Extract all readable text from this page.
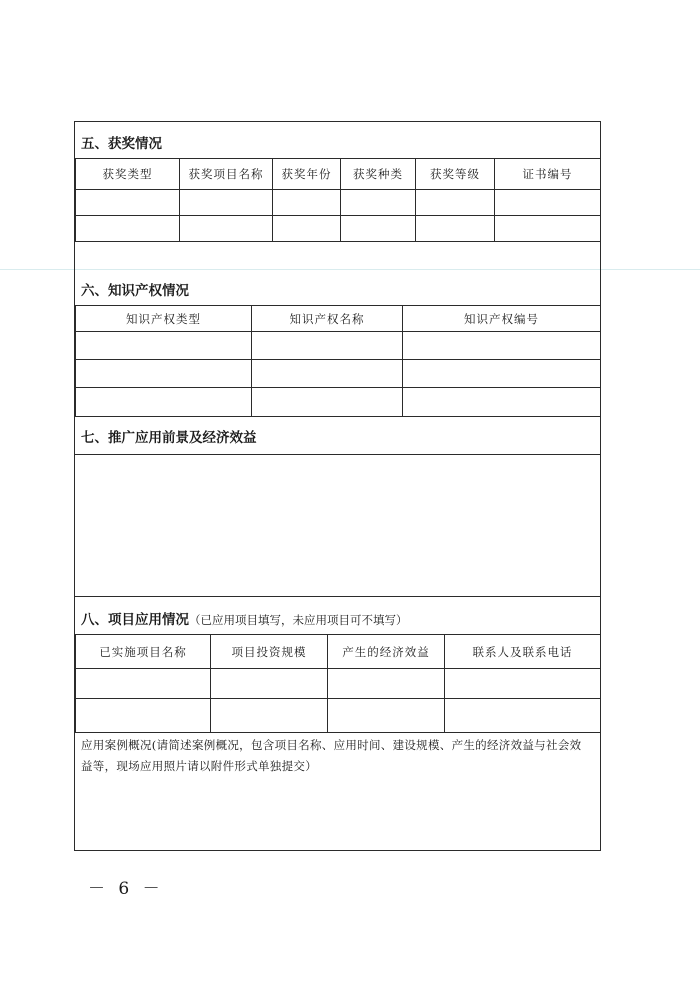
五、获奖情况
获奖类型	获奖项目名称	获奖年份	获奖种类	获奖等级	证书编号

六、知识产权情况
知识产权类型	知识产权名称	知识产权编号

七、推广应用前景及经济效益
八、项目应用情况（已应用项目填写，未应用项目可不填写）
已实施项目名称	项目投资规模	产生的经济效益	联系人及联系电话

应用案例概况(请简述案例概况，包含项目名称、应用时间、建设规模、产生的经济效益与社会效益等，现场应用照片请以附件形式单独提交）
－ 6 －
